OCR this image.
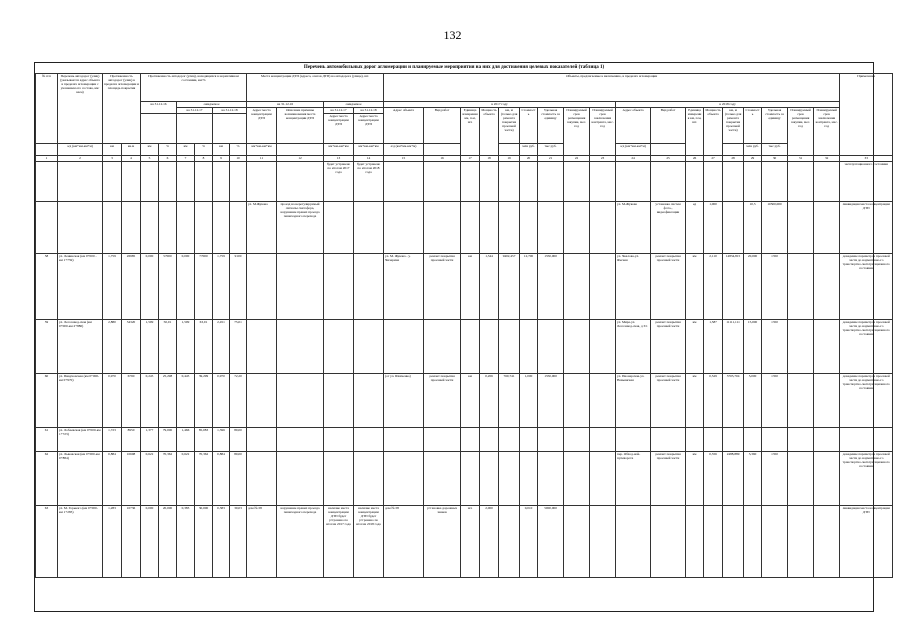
132
Перечень автомобильных дорог агломерации и планируемые мероприятия на них для достижения целевых показателей (таблица 1)
№ п/п	Перечень автодорог (улиц) (указывается адрес объекта в пределах агломерации с указанием его состава, км/кв.м)	Протяженность автодорог (улиц) в пределах агломерации и площадь покрытия		Протяженность автодорог (улиц), находящихся в нормативном состоянии, км/%						Места концентрации ДТП (адреса, очагов ДТП) на автодороге (улице), шт.				Объекты, предлагаемые к включению, в пределах агломерации																		Примечание
				на 31.12.16		ожидаемое				на 31.12.16		ожидаемое		в 2017 году									в 2018 году									
						на 31.12.17		на 31.12.18		Адрес места концентрации ДТП	Описание причины возникновения места концентрации ДТП	на 31.12.17	на 31.12.18	Адрес объекта	Вид работ	Единица измерения км, п.м, шт.	Мощность объекта	км, м (только для ремонта покрытия проезжей части)	Стоимость	Удельная стоимость за единицу	Планируемый срок размещения закупки, мес. год	Планируемый срок заключения контракта, мес. год	Адрес объекта	Вид работ	Единица измерения км, п.м, шт.	Мощность объекта	км, м (только для ремонта покрытия проезжей части)	Стоимость	Удельная стоимость за единицу	Планируемый срок размещения закупки, мес. год	Планируемый срок заключения контракта, мес. год	
												Адрес места концентрации ДТП	Адрес места концентрации ДТП																			
	а/д (км+км-км+м)	км	кв.м	км	%	км	%	км	%	км+км-км+км		км+км-км+км	км+км-км+км	а/д (км+км-км+м)					млн руб.	тыс руб.			а/д (км+км-км+м)					млн руб.	тыс руб.			
1	2	3	4	5	6	7	8	9	10	11	12	13	14	15	16	17	18	19	20	21	22	23	24	25	26	27	28	29	30	31	32	33
												будет устранено по итогам 2017 года	будет устранено по итогам 2018 года																			эксплуатационного состояния
										ул. М.Жукова	проезд на нерегулируемый сигналы светофора, нарушение правил проезда пешеходного перехода												ул. М-Жукова	установка систем фото-, видеофиксации	ед	1,000		10,5	10500,000			ликвидация места концентрации ДТП
58	ул. Ленинская (км 0+000 - км 1+759)	1,759	26985	0,000	57000	0,000	77000	1,759	9100					ул. М. Жукова - у. Чичерина	ремонт покрытия проезжей части	км	1,344	9402,457	12,700	1350,000			ул. Чкалова-ул. Ямская	ремонт покрытия проезжей части	км	2,110	14834,815	20,000	1350			доведение параметров проезжей части до нормативно-го транспортно-эксплуатационного состояния
59	ул. Лесозавод-ская (км 0+000-км 2+880)	2,880	34320	1,509	50,01	1,509	63,01	2,451	75,01														ул. Мира-ул. Лесозавод-ская, д 3/1	ремонт покрытия проезжей части	км	1,587	11111,111	15,000	1350			доведение параметров проезжей части до нормативно-го транспортно-эксплуатационного состояния
60	ул. Пикуновская (км 0+000-км 0+970)	0,970	6790	0,245	25,298	0,445	39,299	0,970	72,20					(от ул. Шевченко)	ремонт покрытия проезжей части	км	0,206	760,741	1,000	1350,000			ул. Пионерская-ул. Невьянская	ремонт покрытия проезжей части	км	0,529	3703,704	5,000	1350			доведение параметров проезжей части до нормативно-го транспортно-эксплуатационного состояния
61	ул. Лобаевская (км 0+000-км 1+723)	1,723	8950	1,377	79,000	1,466	85,083	1,396	80,00																							
62	ул. Лыковская (км 0+000-км 0+884)	0,884	10608	0,622	70,362	0,622	70,362	0,884	80,00														пер. Обход-ной-пулеворота	ремонт покрытия проезжей части	км	0,356	2488,889	3,360	1350			доведение параметров проезжей части до нормативно-го транспортно-эксплуатационного состояния
63	ул. М. Горького (км 0+000-км 1+283)	1,283	10736	0,000	20,000	0,383	30,000	0,383	30,03	дом №.58	нарушение правил проезда пешеходного перехода	наличие места концентрации ДТП будет устранено по итогам 2017 года	наличие места концентрации ДТП будет устранено по итогам 2018 года	дом №.58	установка дорожных знаков	шт.	2,000		0,010	5000,000												ликвидация места концентрации ДТП
